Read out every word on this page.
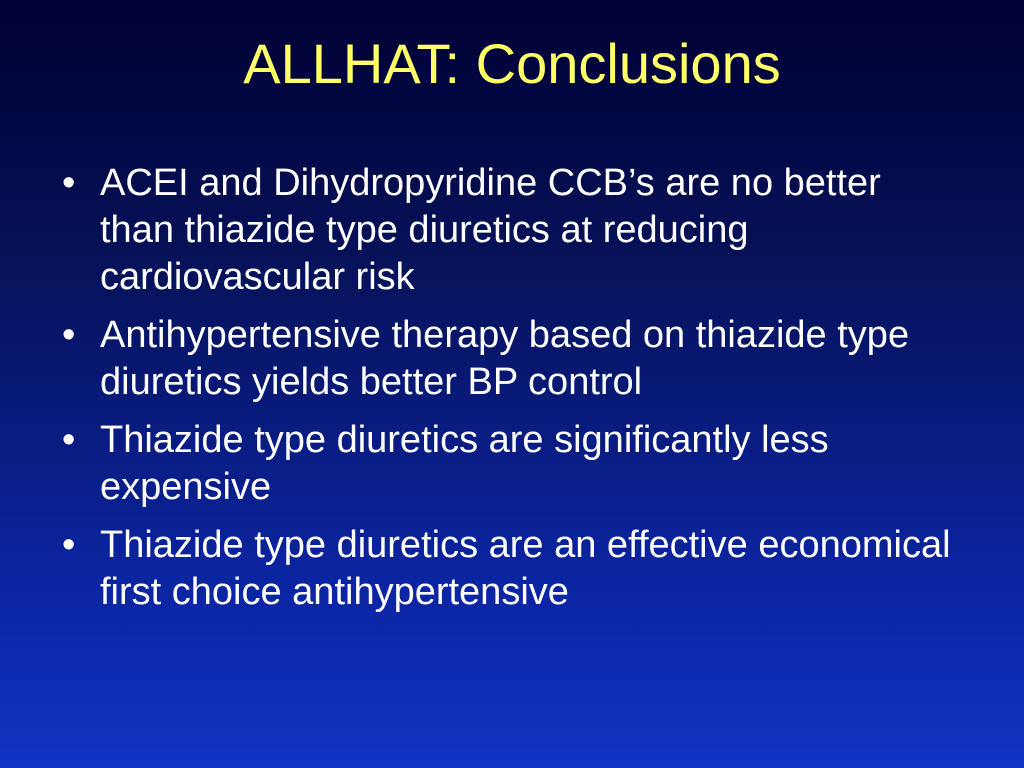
ALLHAT: Conclusions
• ACEI and Dihydropyridine CCB’s are no better than thiazide type diuretics at reducing cardiovascular risk
• Antihypertensive therapy based on thiazide type diuretics yields better BP control
• Thiazide type diuretics are significantly less expensive
• Thiazide type diuretics are an effective economical first choice antihypertensive
